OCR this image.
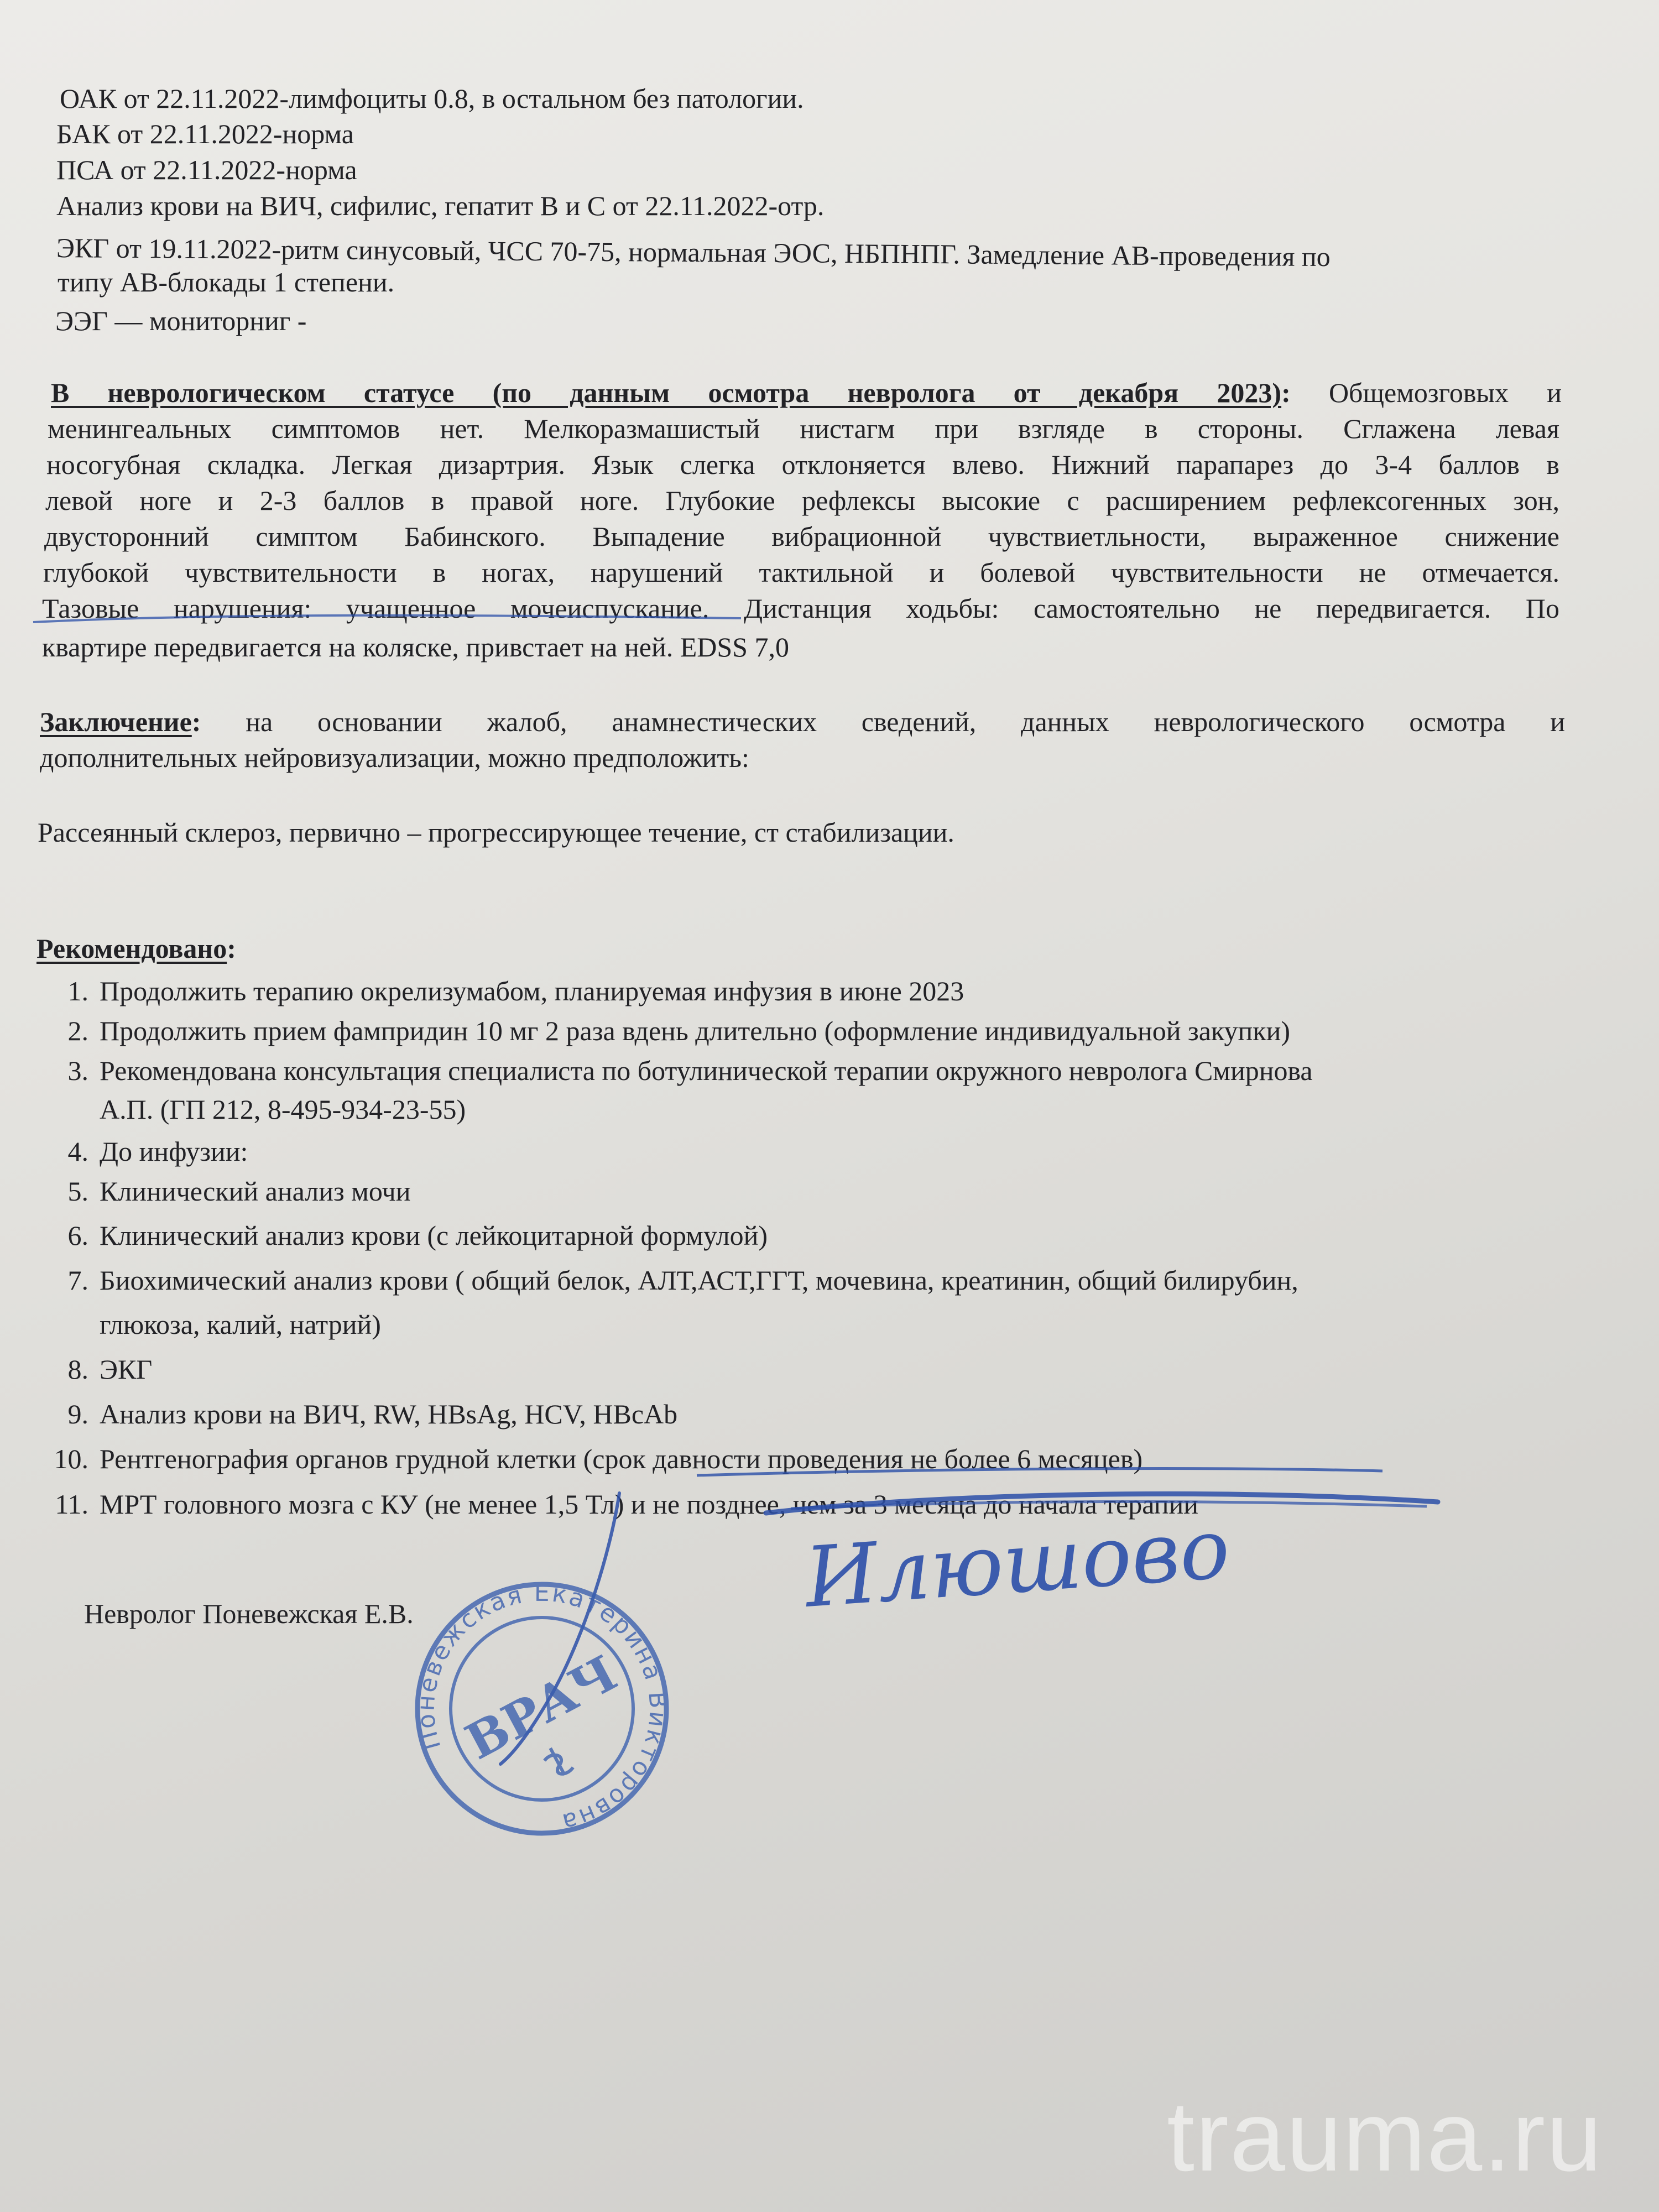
ОАК от 22.11.2022-лимфоциты 0.8, в остальном без патологии.
БАК от 22.11.2022-норма
ПСА от 22.11.2022-норма
Анализ крови на ВИЧ, сифилис, гепатит В и С от 22.11.2022-отр.
ЭКГ от 19.11.2022-ритм синусовый, ЧСС 70-75, нормальная ЭОС, НБПНПГ. Замедление АВ-проведения по
типу АВ-блокады 1 степени.
ЭЭГ — мониторниг -
В неврологическом статусе (по данным осмотра невролога от декабря 2023): Общемозговых и
менингеальных симптомов нет. Мелкоразмашистый нистагм при взгляде в стороны. Сглажена левая
носогубная складка. Легкая дизартрия. Язык слегка отклоняется влево. Нижний парапарез до 3-4 баллов в
левой ноге и 2-3 баллов в правой ноге. Глубокие рефлексы высокие с расширением рефлексогенных зон,
двусторонний симптом Бабинского. Выпадение вибрационной чувствиетльности, выраженное снижение
глубокой чувствительности в ногах, нарушений тактильной и болевой чувствительности не отмечается.
Тазовые нарушения: учащенное мочеиспускание. Дистанция ходьбы: самостоятельно не передвигается. По
квартире передвигается на коляске, привстает на ней. EDSS 7,0
Заключение: на основании жалоб, анамнестических сведений, данных неврологического осмотра и
дополнительных нейровизуализации, можно предположить:
Рассеянный склероз, первично – прогрессирующее течение, ст стабилизации.
Рекомендовано:
1. Продолжить терапию окрелизумабом, планируемая инфузия в июне 2023
2. Продолжить прием фампридин 10 мг 2 раза вдень длительно (оформление индивидуальной закупки)
3. Рекомендована консультация специалиста по ботулинической терапии окружного невролога Смирнова
А.П. (ГП 212, 8-495-934-23-55)
4. До инфузии:
5. Клинический анализ мочи
6. Клинический анализ крови (с лейкоцитарной формулой)
7. Биохимический анализ крови ( общий белок, АЛТ,АСТ,ГГТ, мочевина, креатинин, общий билирубин,
глюкоза, калий, натрий)
8. ЭКГ
9. Анализ крови на ВИЧ, RW, HBsAg, HCV, HBcAb
10. Рентгенография органов грудной клетки (срок давности проведения не более 6 месяцев)
11. МРТ головного мозга с КУ (не менее 1,5 Тл) и не позднее, чем за 3 месяца до начала терапии
Невролог Поневежская Е.В.	Илюшово
Поневежская Екатерина Викторовна
ВРАЧ
trauma.ru
